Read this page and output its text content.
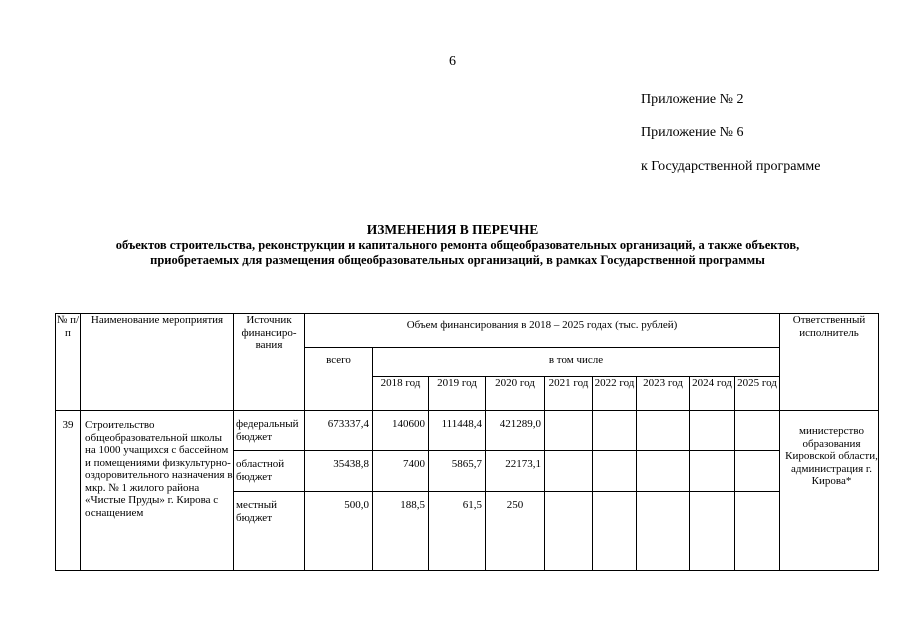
6
Приложение № 2
Приложение № 6
к Государственной программе
ИЗМЕНЕНИЯ В ПЕРЕЧНЕ
объектов строительства, реконструкции и капитального ремонта общеобразовательных организаций, а также объектов, приобретаемых для размещения общеобразовательных организаций, в рамках Государственной программы
№ п/п	Наименование мероприятия	Источник финансиро-вания	Объем финансирования в 2018 – 2025 годах (тыс. рублей)									Ответственный исполнитель
			всего	в том числе								
				2018 год	2019 год	2020 год	2021 год	2022 год	2023 год	2024 год	2025 год	
39	Строительство общеобразовательной школы на 1000 учащихся с бассейном и помещениями физкультурно-оздоровительного назначения в мкр. № 1 жилого района «Чистые Пруды» г. Кирова с оснащением	федеральный бюджет	673337,4	140600	111448,4	421289,0						министерство образования Кировской области, администрация г. Кирова*
		областной бюджет	35438,8	7400	5865,7	22173,1						
		местный бюджет	500,0	188,5	61,5	250						
